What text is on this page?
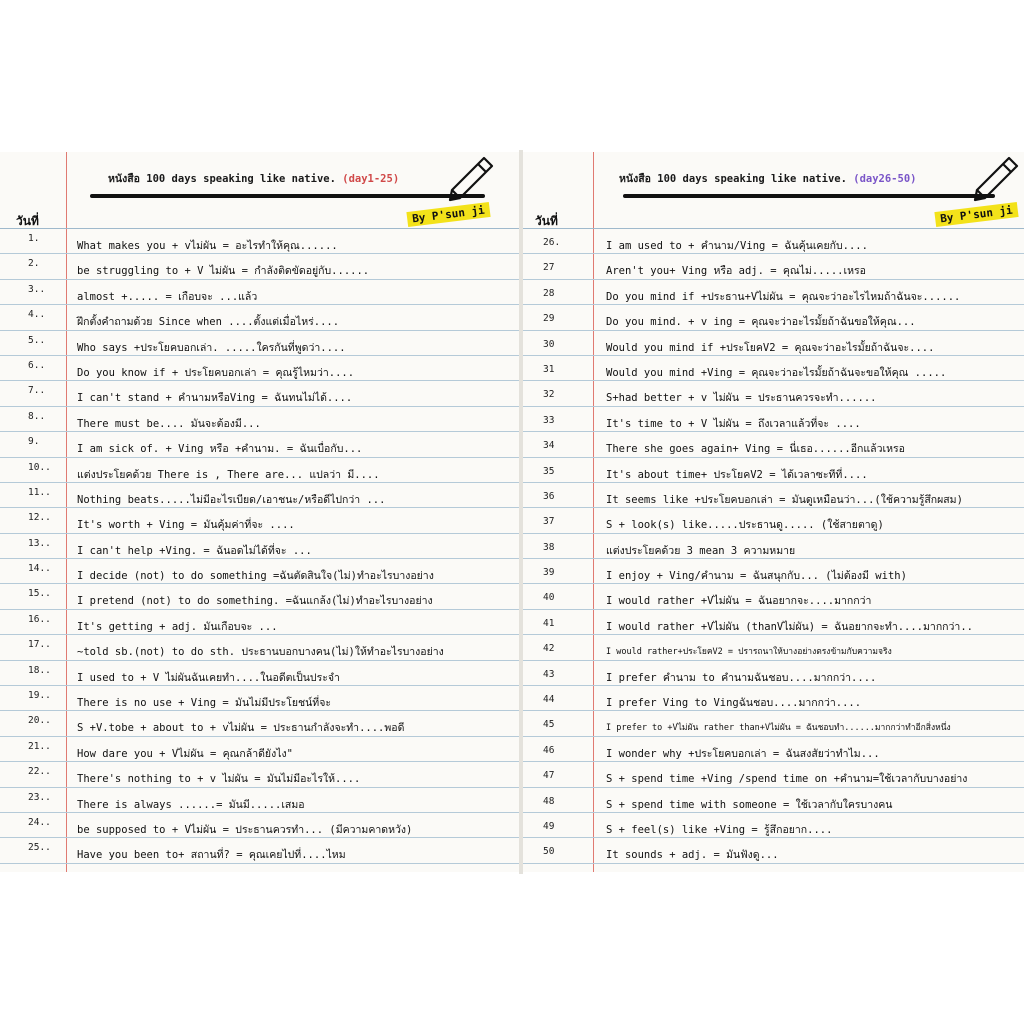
หนังสือ 100 days speaking like native. (day1-25)
By P'sun ji
วันที่
1.
What makes you + vไม่ผัน = อะไรทำให้คุณ......
2.
be struggling to + V ไม่ผัน = กำลังติดขัดอยู่กับ......
3..
almost +..... = เกือบจะ ...แล้ว
4..
ฝึกตั้งคำถามด้วย Since when ....ตั้งแต่เมื่อไหร่....
5..
Who says +ประโยคบอกเล่า. .....ใครกันที่พูดว่า....
6..
Do you know if + ประโยคบอกเล่า = คุณรู้ไหมว่า....
7..
I can't stand + คำนามหรือVing = ฉันทนไม่ได้....
8..
There must be.... มันจะต้องมี...
9.
I am sick of. + Ving หรือ +คำนาม. = ฉันเบื่อกับ...
10..
แต่งประโยคด้วย There is , There are... แปลว่า มี....
11..
Nothing beats.....ไม่มีอะไรเบียด/เอาชนะ/หรือดีไปกว่า ...
12..
It's worth + Ving = มันคุ้มค่าที่จะ ....
13..
I can't help +Ving. = ฉันอดไม่ได้ที่จะ ...
14..
I decide (not) to do something =ฉันตัดสินใจ(ไม่)ทำอะไรบางอย่าง
15..
I pretend (not) to do something. =ฉันแกล้ง(ไม่)ทำอะไรบางอย่าง
16..
It's getting + adj. มันเกือบจะ ...
17..
~told sb.(not) to do sth. ประธานบอกบางคน(ไม่)ให้ทำอะไรบางอย่าง
18..
I used to + V ไม่ผันฉันเคยทำ....ในอดีตเป็นประจำ
19..
There is no use + Ving = มันไม่มีประโยชน์ที่จะ
20..
S +V.tobe + about to + vไม่ผัน = ประธานกำลังจะทำ....พอดี
21..
How dare you + Vไม่ผัน = คุณกล้าดียังไง"
22..
There's nothing to + v ไม่ผัน = มันไม่มีอะไรให้....
23..
There is always ......= มันมี.....เสมอ
24..
be supposed to + Vไม่ผัน = ประธานควรทำ... (มีความคาดหวัง)
25..
Have you been to+ สถานที่? = คุณเคยไปที่....ไหม
หนังสือ 100 days speaking like native. (day26-50)
By P'sun ji
วันที่
26.	I am used to + คำนาม/Ving = ฉันคุ้นเคยกับ....
27	Aren't you+ Ving หรือ adj. = คุณไม่.....เหรอ
28	Do you mind if +ประธาน+Vไม่ผัน = คุณจะว่าอะไรไหมถ้าฉันจะ......
29	Do you mind. + v ing = คุณจะว่าอะไรมั้ยถ้าฉันขอให้คุณ...
30	Would you mind if +ประโยคV2 = คุณจะว่าอะไรมั้ยถ้าฉันจะ....
31	Would you mind +Ving = คุณจะว่าอะไรมั้ยถ้าฉันจะขอให้คุณ .....
32	S+had better + v ไม่ผัน = ประธานควรจะทำ......
33	It's time to + V ไม่ผัน = ถึงเวลาแล้วที่จะ ....
34	There she goes again+ Ving = นี่เธอ......อีกแล้วเหรอ
35	It's about time+ ประโยคV2 = ได้เวลาซะทีที่....
36	It seems like +ประโยคบอกเล่า = มันดูเหมือนว่า...(ใช้ความรู้สึกผสม)
37	S + look(s) like.....ประธานดู..... (ใช้สายตาดู)
38	แต่งประโยคด้วย 3 mean 3 ความหมาย
39	I enjoy + Ving/คำนาม = ฉันสนุกกับ... (ไม่ต้องมี with)
40	I would rather +Vไม่ผัน = ฉันอยากจะ....มากกว่า
41	I would rather +Vไม่ผัน (thanVไม่ผัน) = ฉันอยากจะทำ....มากกว่า..
42	I would rather+ประโยคV2 = ปรารถนาให้บางอย่างตรงข้ามกับความจริง
43	I prefer คำนาม to คำนามฉันชอบ....มากกว่า....
44	I prefer Ving to Vingฉันชอบ....มากกว่า....
45	I prefer to +Vไม่ผัน rather than+Vไม่ผัน = ฉันชอบทำ......มากกว่าทำอีกสิ่งหนึ่ง
46	I wonder why +ประโยคบอกเล่า = ฉันสงสัยว่าทำไม...
47	S + spend time +Ving /spend time on +คำนาม=ใช้เวลากับบางอย่าง
48	S + spend time with someone = ใช้เวลากับใครบางคน
49	S + feel(s) like +Ving = รู้สึกอยาก....
50	It sounds + adj. = มันฟังดู...
